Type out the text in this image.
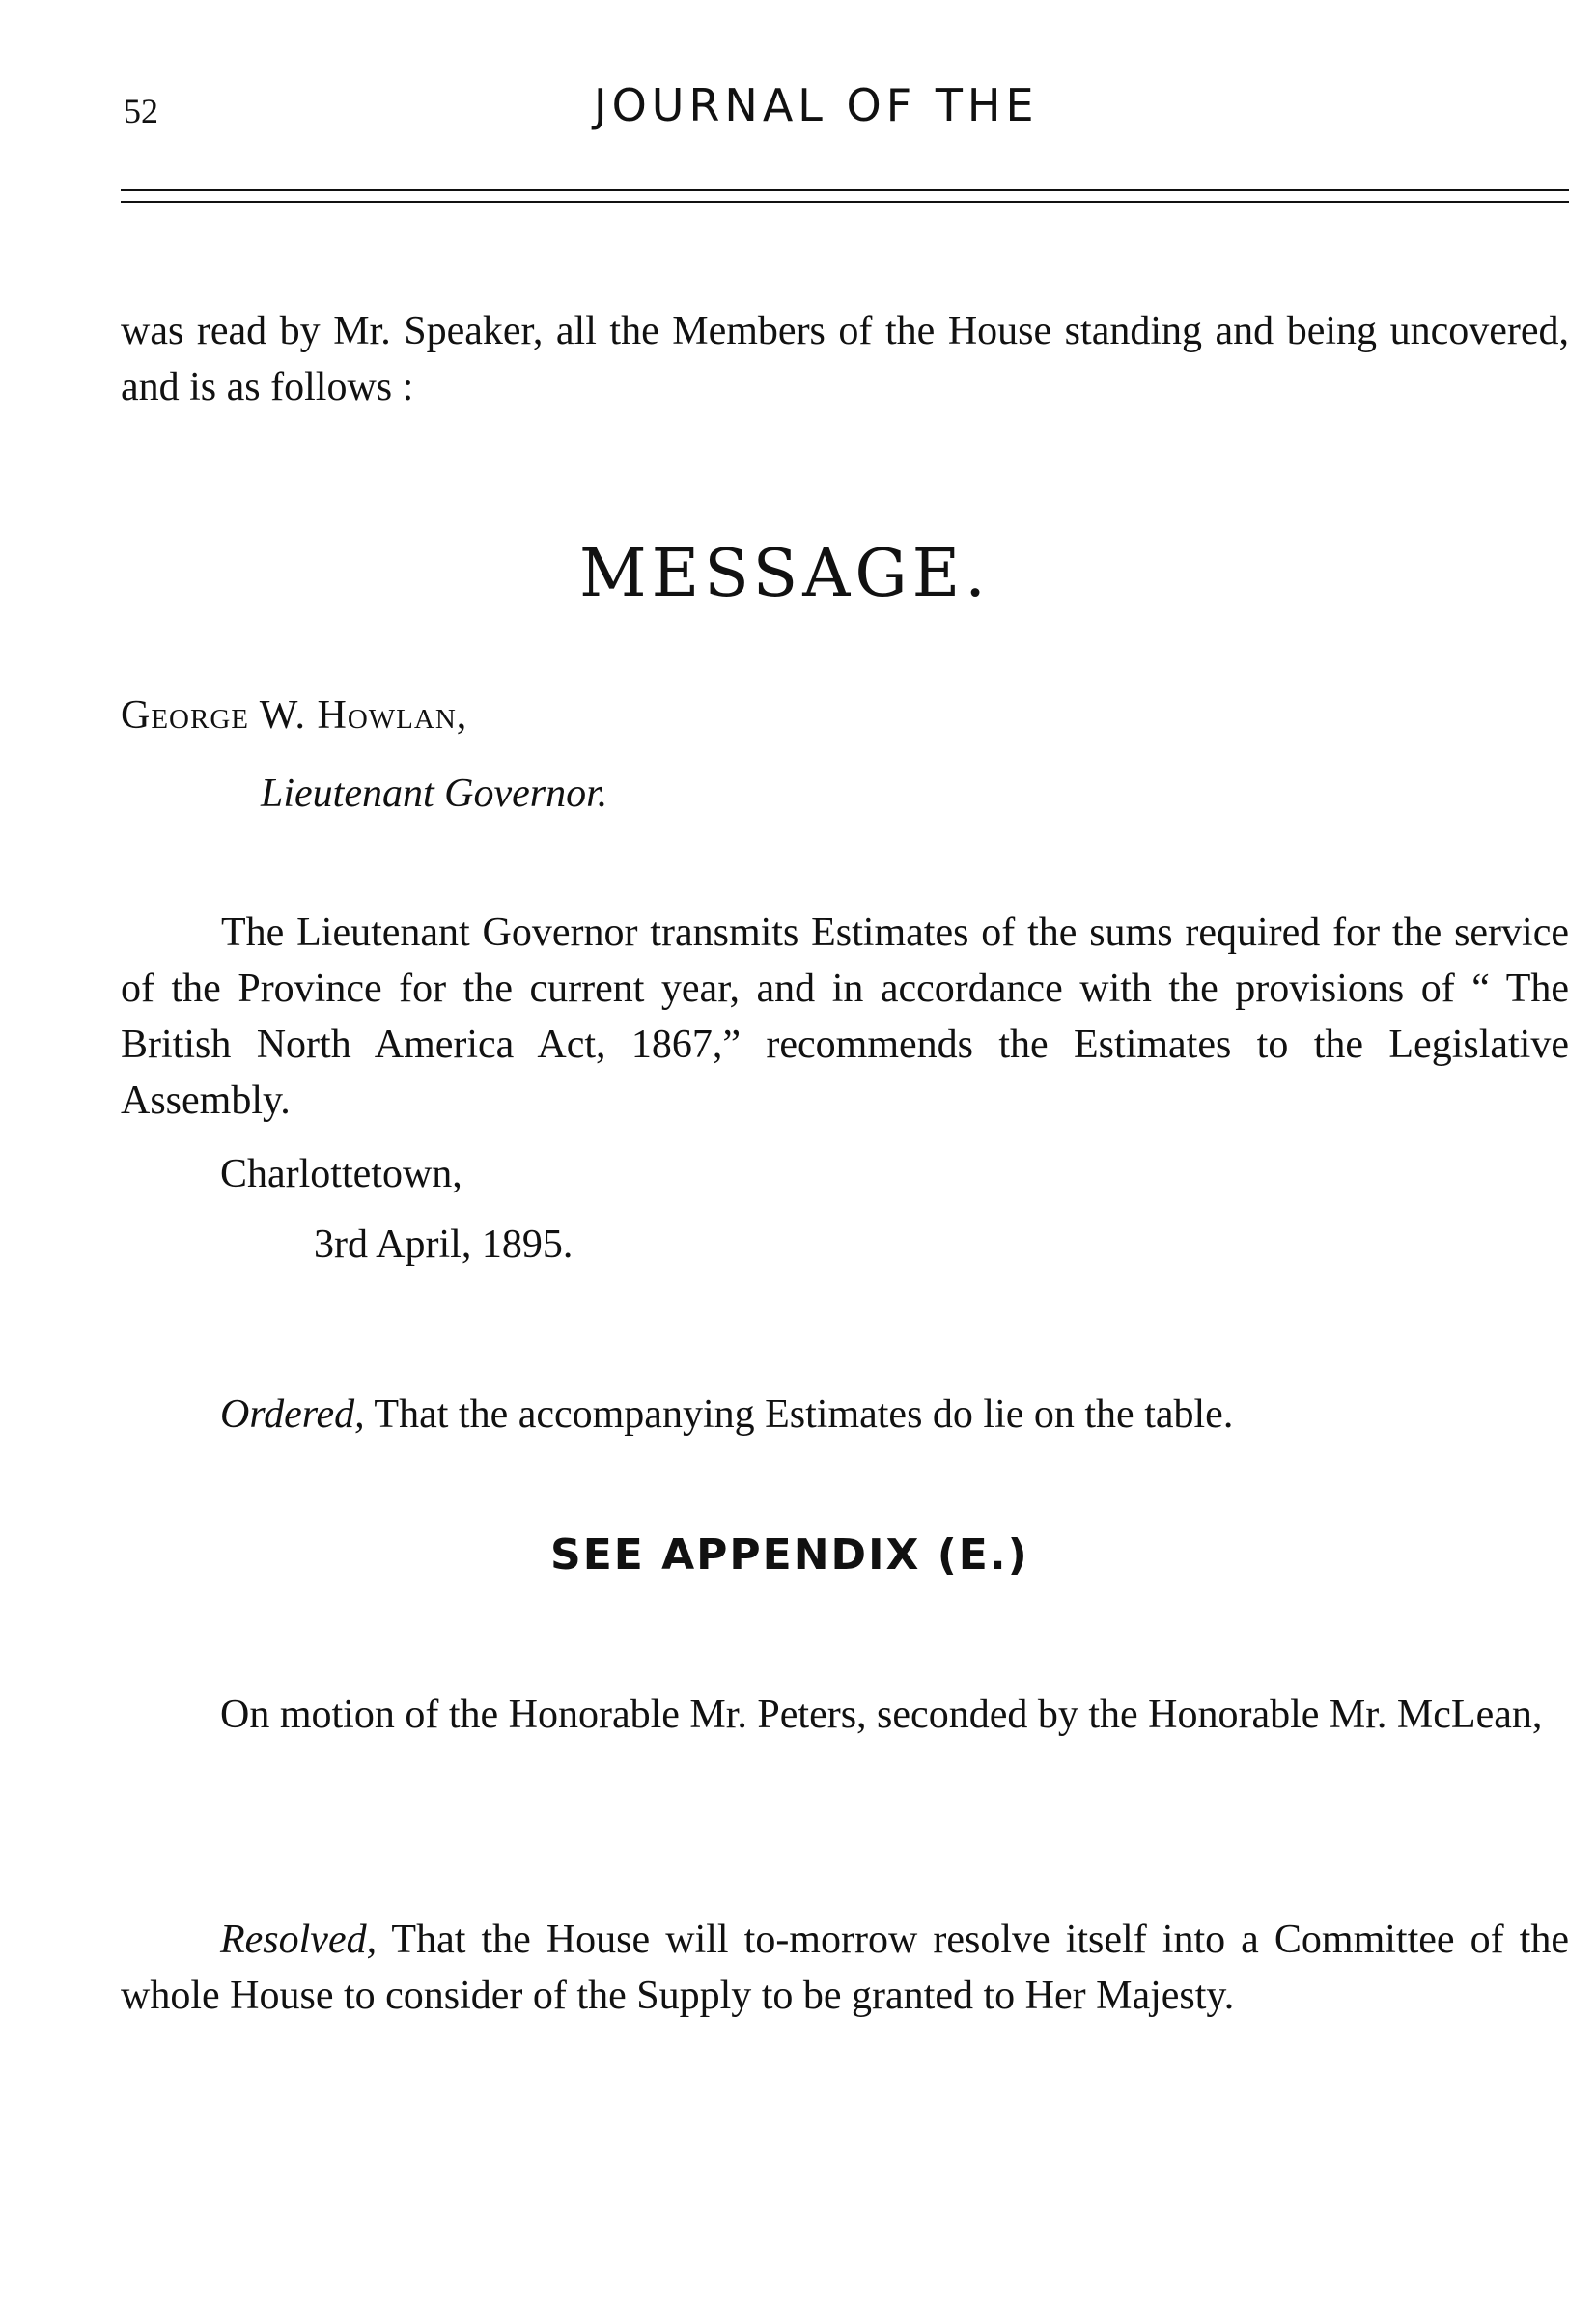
52	JOURNAL OF THE
was read by Mr. Speaker, all the Members of the House standing and being uncovered, and is as follows :
MESSAGE.
George W. Howlan,
Lieutenant Governor.
The Lieutenant Governor transmits Estimates of the sums required for the service of the Province for the current year, and in accordance with the provisions of “ The British North America Act, 1867,” recommends the Estimates to the Legislative Assembly.
Charlottetown,
3rd April, 1895.
Ordered, That the accompanying Estimates do lie on the table.
SEE APPENDIX (E.)
On motion of the Honorable Mr. Peters, seconded by the Honorable Mr. McLean,
Resolved, That the House will to-morrow resolve itself into a Committee of the whole House to consider of the Supply to be granted to Her Majesty.
